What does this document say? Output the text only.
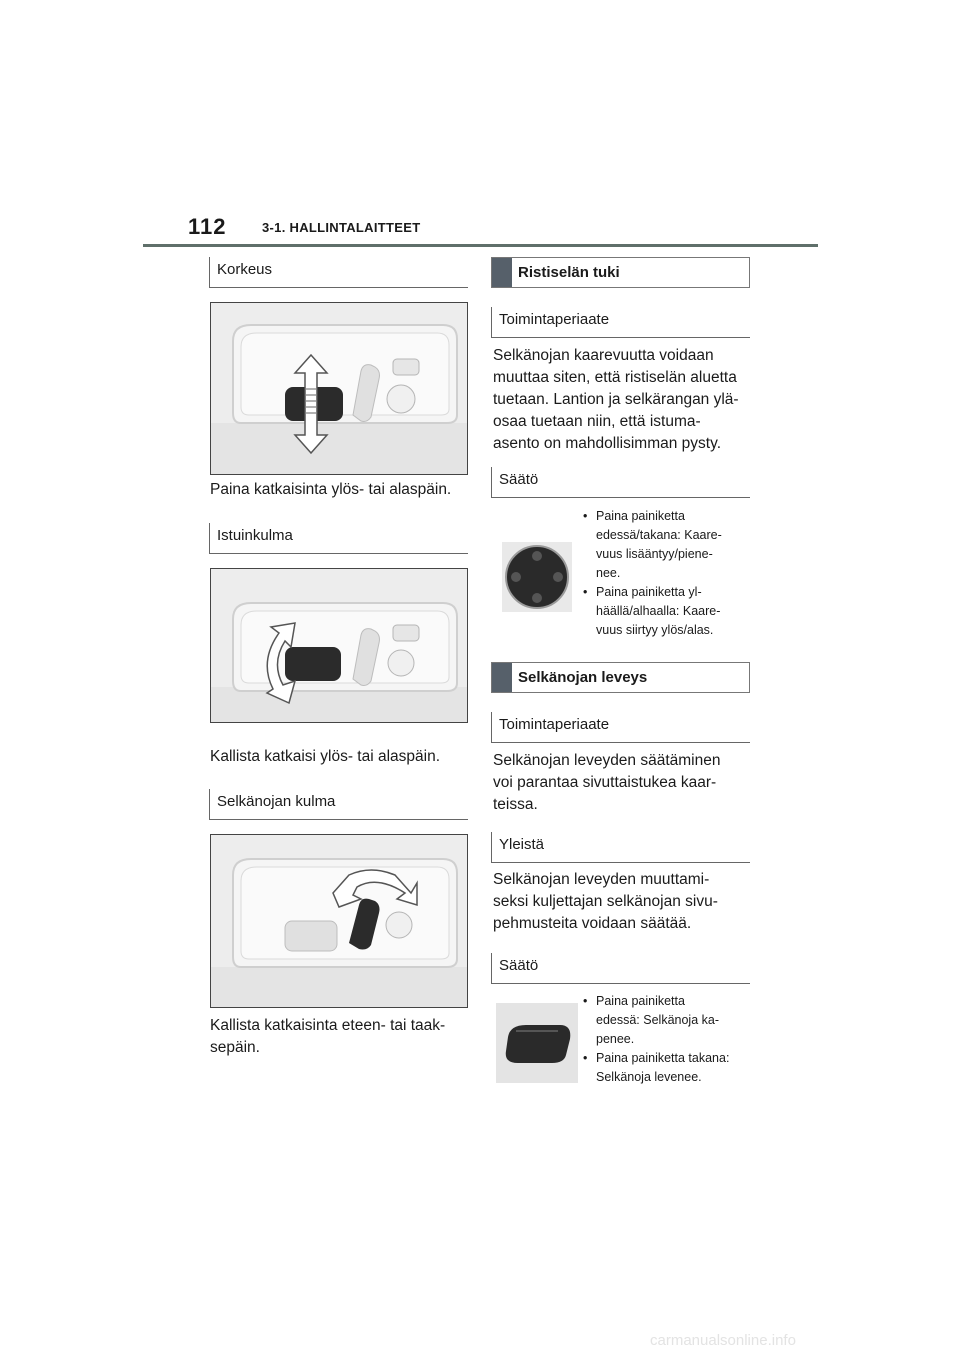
112	3-1. HALLINTALAITTEET
Korkeus
Paina katkaisinta ylös- tai alaspäin.
Istuinkulma
Kallista katkaisi ylös- tai alaspäin.
Selkänojan kulma
Kallista katkaisinta eteen- tai taak-
sepäin.
Ristiselän tuki
Toimintaperiaate
Selkänojan kaarevuutta voidaan
muuttaa siten, että ristiselän aluetta
tuetaan. Lantion ja selkärangan ylä-
osaa tuetaan niin, että istuma-
asento on mahdollisimman pysty.
Säätö
• Paina painiketta
edessä/takana: Kaare-
vuus lisääntyy/piene-
nee.
• Paina painiketta yl-
häällä/alhaalla: Kaare-
vuus siirtyy ylös/alas.
Selkänojan leveys
Toimintaperiaate
Selkänojan leveyden säätäminen
voi parantaa sivuttaistukea kaar-
teissa.
Yleistä
Selkänojan leveyden muuttami-
seksi kuljettajan selkänojan sivu-
pehmusteita voidaan säätää.
Säätö
• Paina painiketta
edessä: Selkänoja ka-
penee.
• Paina painiketta takana:
Selkänoja levenee.
carmanualsonline.info
